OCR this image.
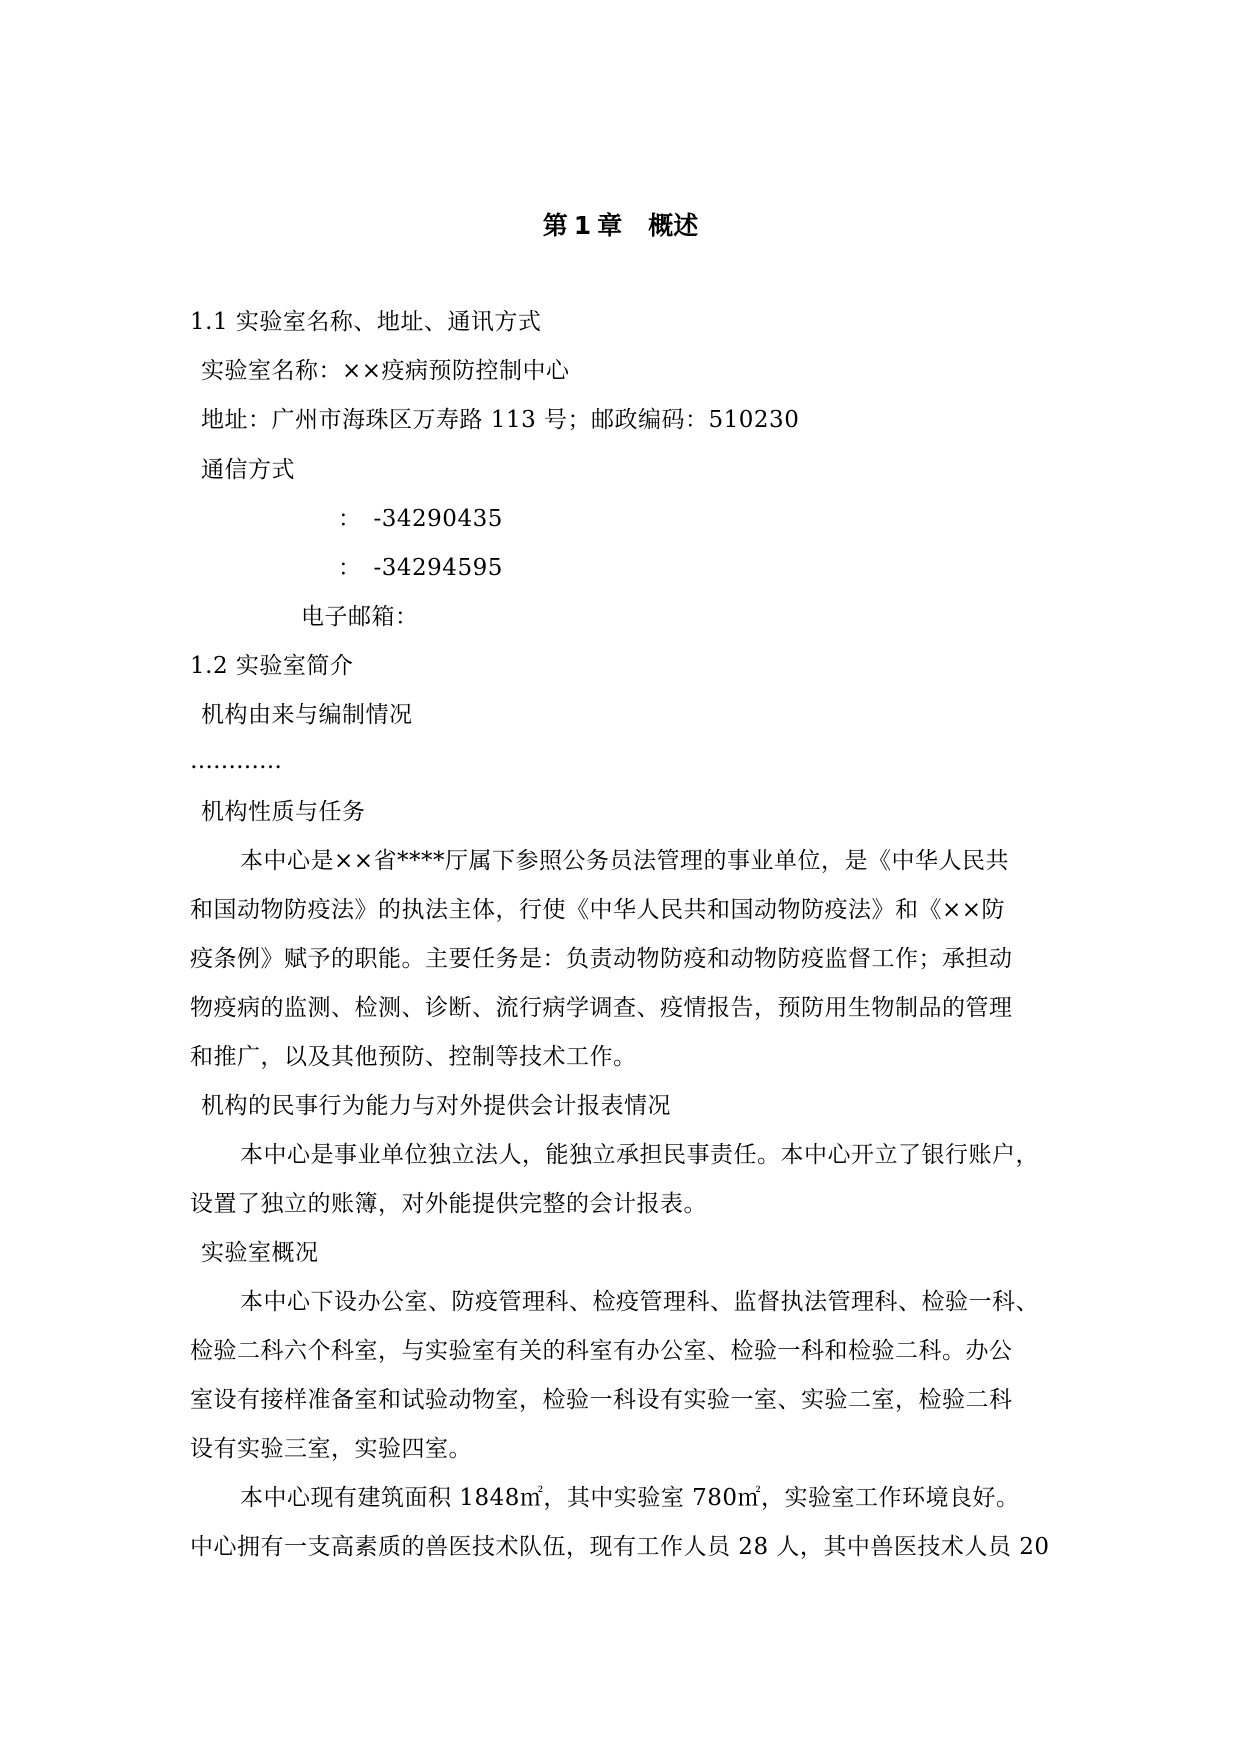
第 1 章 概述
1.1 实验室名称、地址、通讯方式
实验室名称：××疫病预防控制中心
地址：广州市海珠区万寿路 113 号；邮政编码：510230
通信方式
：　-34290435
：　-34294595
电子邮箱：
1.2 实验室简介
机构由来与编制情况
…………
机构性质与任务
本中心是××省****厅属下参照公务员法管理的事业单位，是《中华人民共
和国动物防疫法》的执法主体，行使《中华人民共和国动物防疫法》和《××防
疫条例》赋予的职能。主要任务是：负责动物防疫和动物防疫监督工作；承担动
物疫病的监测、检测、诊断、流行病学调查、疫情报告，预防用生物制品的管理
和推广，以及其他预防、控制等技术工作。
机构的民事行为能力与对外提供会计报表情况
本中心是事业单位独立法人，能独立承担民事责任。本中心开立了银行账户，
设置了独立的账簿，对外能提供完整的会计报表。
实验室概况
本中心下设办公室、防疫管理科、检疫管理科、监督执法管理科、检验一科、
检验二科六个科室，与实验室有关的科室有办公室、检验一科和检验二科。办公
室设有接样准备室和试验动物室，检验一科设有实验一室、实验二室，检验二科
设有实验三室，实验四室。
本中心现有建筑面积 1848㎡，其中实验室 780㎡，实验室工作环境良好。
中心拥有一支高素质的兽医技术队伍，现有工作人员 28 人，其中兽医技术人员 20
